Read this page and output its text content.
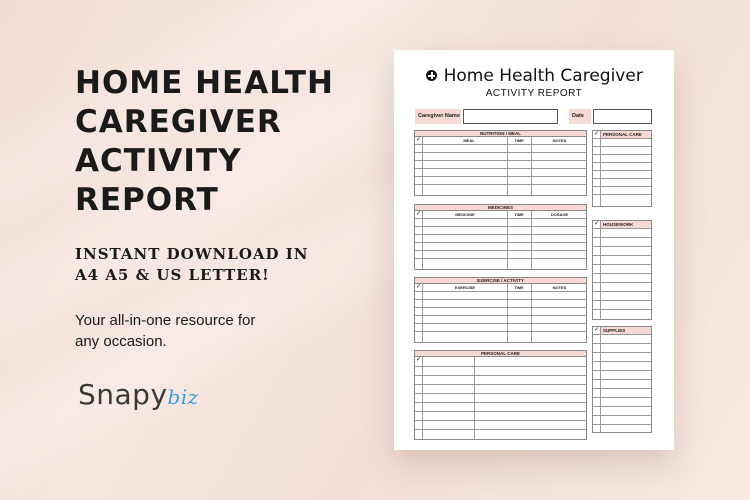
HOME HEALTH
CAREGIVER
ACTIVITY REPORT
INSTANT DOWNLOAD IN
A4 A5 & US LETTER!
Your all-in-one resource for
any occasion.
Snapybiz
Home Health Caregiver
ACTIVITY REPORT
Caregiver Name	Date
NUTRITION / MEAL
✓	MEAL	TIME	NOTES
MEDICINES
✓	MEDICINE	TIME	DOSAGE
EXERCISE / ACTIVITY
✓	EXERCISE	TIME	NOTES
PERSONAL CARE
✓
PERSONAL CARE
✓
HOUSEWORK
✓
SUPPLIES
✓
